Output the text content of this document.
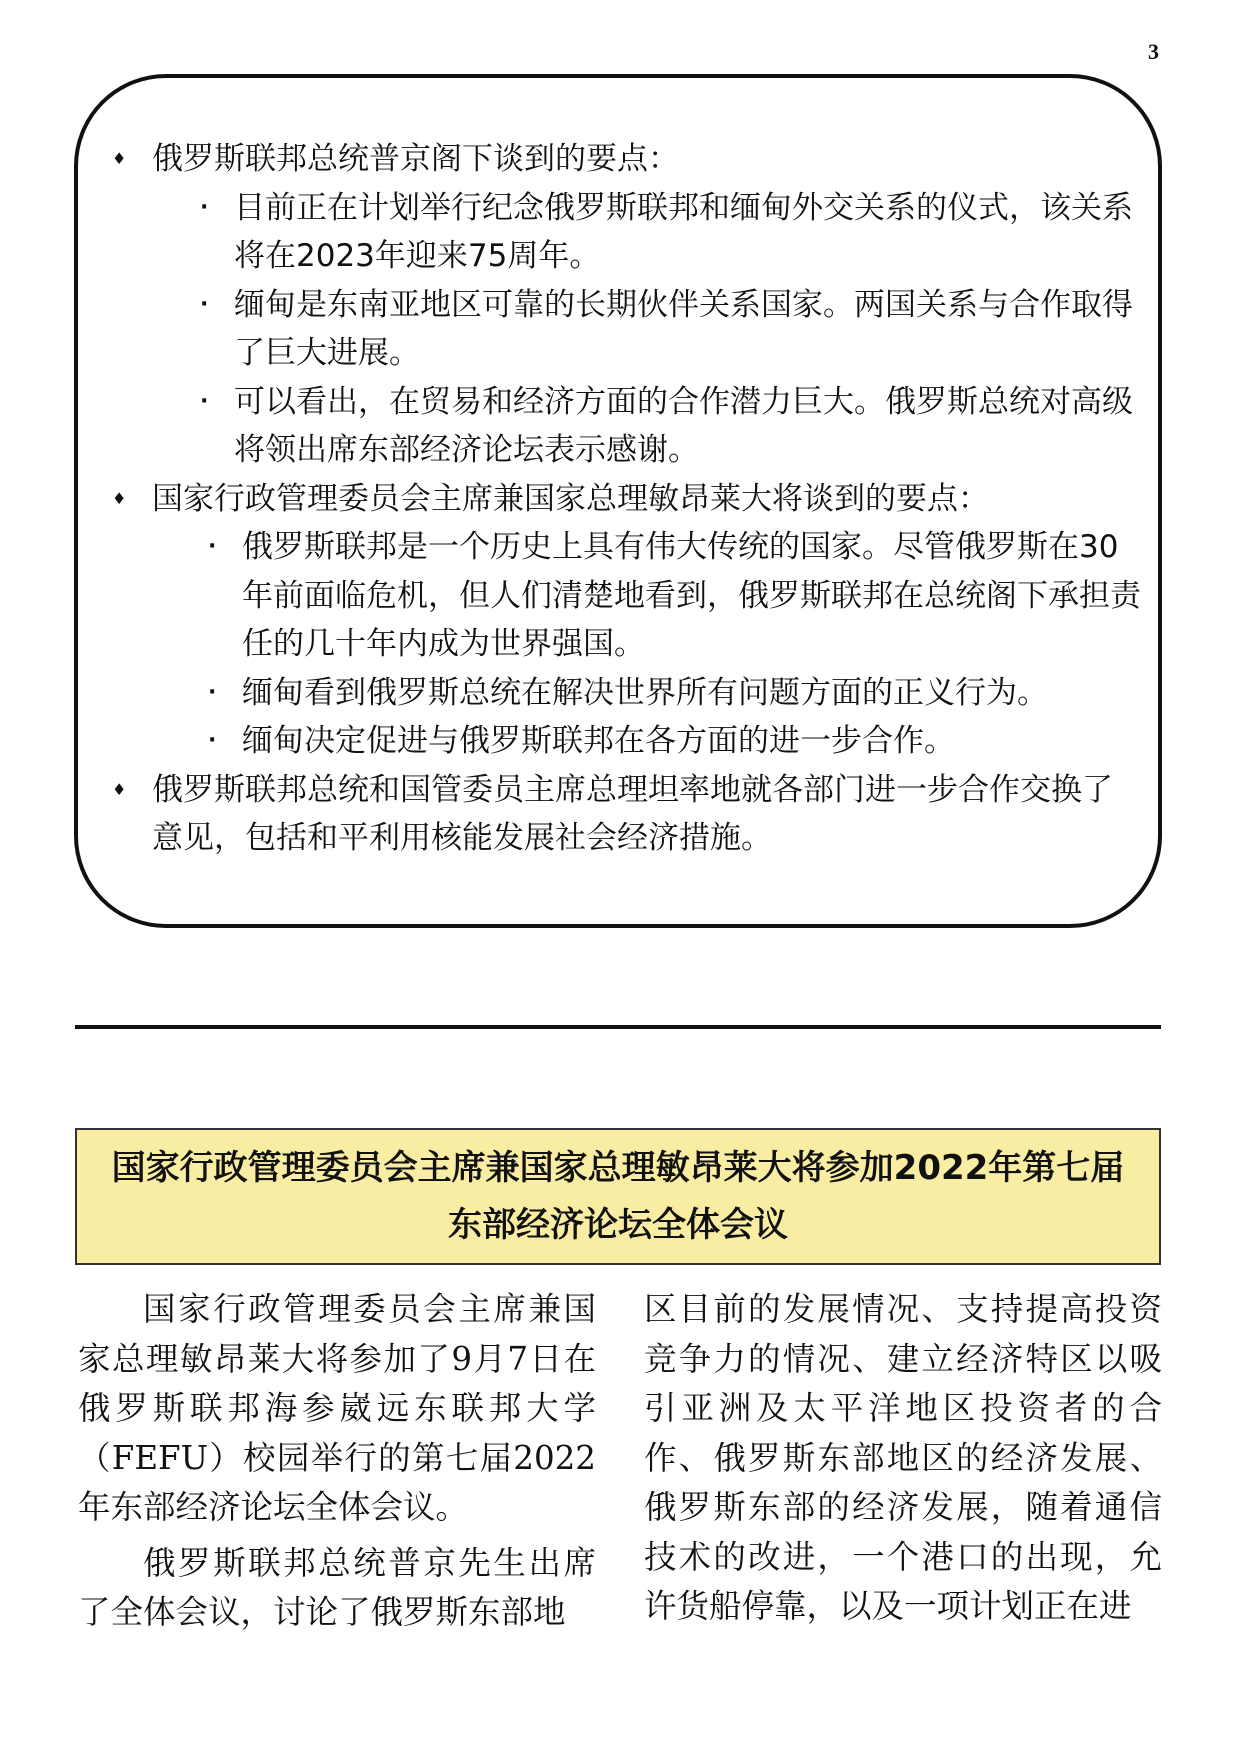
3
♦ 俄罗斯联邦总统普京阁下谈到的要点：
· 目前正在计划举行纪念俄罗斯联邦和缅甸外交关系的仪式，该关系将在2023年迎来75周年。
· 缅甸是东南亚地区可靠的长期伙伴关系国家。两国关系与合作取得了巨大进展。
· 可以看出，在贸易和经济方面的合作潜力巨大。俄罗斯总统对高级将领出席东部经济论坛表示感谢。
♦ 国家行政管理委员会主席兼国家总理敏昂莱大将谈到的要点：
· 俄罗斯联邦是一个历史上具有伟大传统的国家。尽管俄罗斯在30年前面临危机，但人们清楚地看到，俄罗斯联邦在总统阁下承担责任的几十年内成为世界强国。
· 缅甸看到俄罗斯总统在解决世界所有问题方面的正义行为。
· 缅甸决定促进与俄罗斯联邦在各方面的进一步合作。
♦ 俄罗斯联邦总统和国管委员主席总理坦率地就各部门进一步合作交换了意见，包括和平利用核能发展社会经济措施。
国家行政管理委员会主席兼国家总理敏昂莱大将参加2022年第七届东部经济论坛全体会议

国家行政管理委员会主席兼国家总理敏昂莱大将参加了9月7日在俄罗斯联邦海参崴远东联邦大学（FEFU）校园举行的第七届2022年东部经济论坛全体会议。

俄罗斯联邦总统普京先生出席了全体会议，讨论了俄罗斯东部地

区目前的发展情况、支持提高投资竞争力的情况、建立经济特区以吸引亚洲及太平洋地区投资者的合作、俄罗斯东部地区的经济发展、俄罗斯东部的经济发展，随着通信技术的改进，一个港口的出现，允许货船停靠，以及一项计划正在进
